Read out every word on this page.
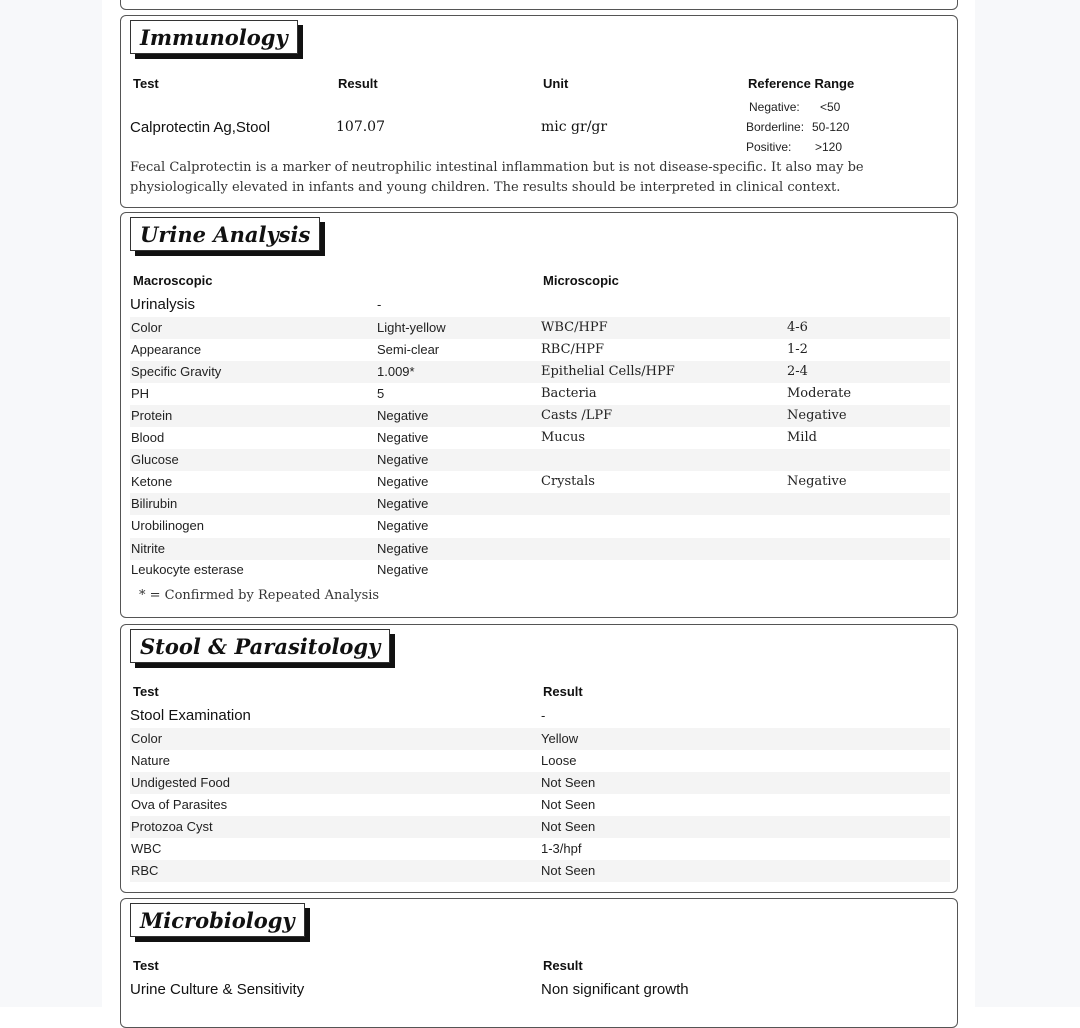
Immunology
Test	Result	Unit	Reference Range
Calprotectin Ag,Stool	107.07	mic gr/gr
Negative: <50
Borderline: 50-120
Positive: >120
Fecal Calprotectin is a marker of neutrophilic intestinal inflammation but is not disease-specific. It also may be physiologically elevated in infants and young children. The results should be interpreted in clinical context.
Urine Analysis
Macroscopic	Microscopic
Urinalysis	-
Color	Light-yellow	WBC/HPF	4-6
Appearance	Semi-clear	RBC/HPF	1-2
Specific Gravity	1.009*	Epithelial Cells/HPF	2-4
PH	5	Bacteria	Moderate
Protein	Negative	Casts /LPF	Negative
Blood	Negative	Mucus	Mild
Glucose	Negative
Ketone	Negative	Crystals	Negative
Bilirubin	Negative
Urobilinogen	Negative
Nitrite	Negative
Leukocyte esterase	Negative
* = Confirmed by Repeated Analysis
Stool & Parasitology
Test	Result
Stool Examination	-
Color	Yellow
Nature	Loose
Undigested Food	Not Seen
Ova of Parasites	Not Seen
Protozoa Cyst	Not Seen
WBC	1-3/hpf
RBC	Not Seen
Microbiology
Test	Result
Urine Culture & Sensitivity	Non significant growth
